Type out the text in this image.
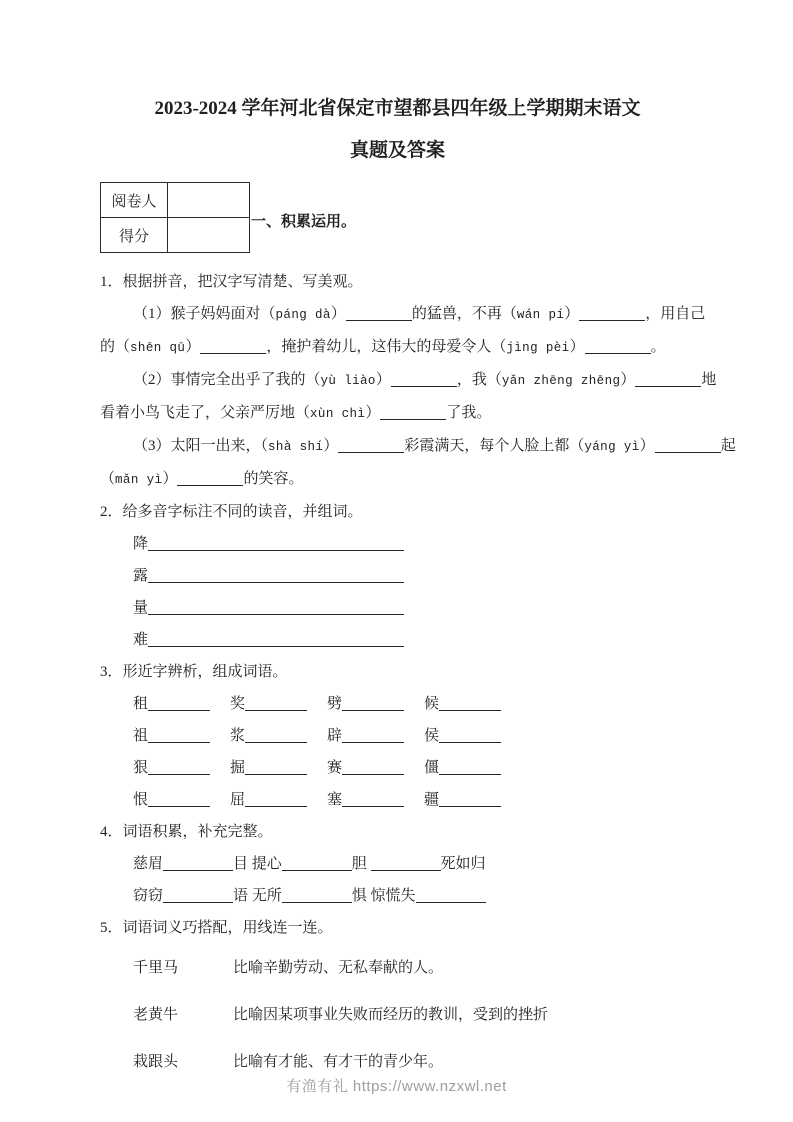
2023-2024 学年河北省保定市望都县四年级上学期期末语文
真题及答案
阅卷人	
得分	
一、积累运用。
1．根据拼音，把汉字写清楚、写美观。
（1）猴子妈妈面对（páng dà）	的猛兽，不再（wán pí）	，用自己
的（shēn qū）	，掩护着幼儿，这伟大的母爱令人（jìng pèi）	。
（2）事情完全出乎了我的（yù liào）	，我（yǎn zhēng zhēng）	地
看着小鸟飞走了，父亲严厉地（xùn chì）	了我。
（3）太阳一出来，（shà shí）	彩霞满天，每个人脸上都（yáng yì）	起
（mǎn yì）	的笑容。
2．给多音字标注不同的读音，并组词。
降
露
量
难
3．形近字辨析，组成词语。
租	奖	劈	候
祖	浆	辟	侯
狠	掘	赛	僵
恨	屈	塞	疆
4．词语积累，补充完整。
慈眉	目 提心	胆	死如归
窃窃	语 无所	惧 惊慌失
5．词语词义巧搭配，用线连一连。
千里马	比喻辛勤劳动、无私奉献的人。
老黄牛	比喻因某项事业失败而经历的教训，受到的挫折
栽跟头	比喻有才能、有才干的青少年。
有渔有礼 https://www.nzxwl.net
